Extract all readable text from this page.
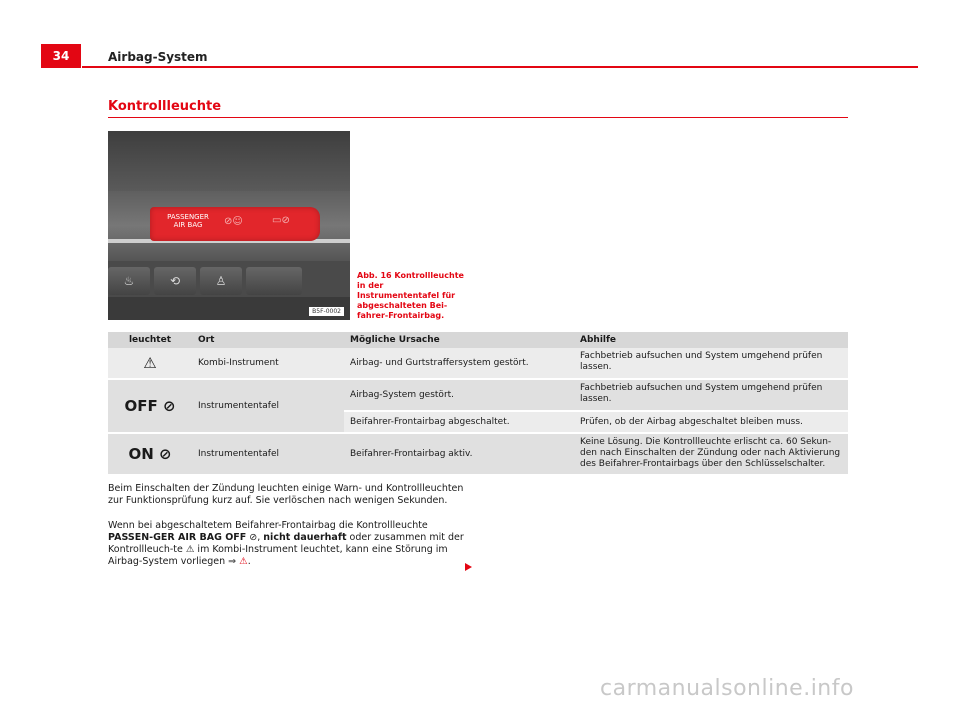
34	Airbag-System
Kontrollleuchte
PASSENGER
AIR BAG	⊘☺	▭⊘
♨	⟲	♙
B5F-0002
Abb. 16 Kontrollleuchte in der Instrumententafel für abgeschalteten Bei-fahrer-Frontairbag.
leuchtet	Ort	Mögliche Ursache	Abhilfe
⚠	Kombi-Instrument	Airbag- und Gurtstraffersystem gestört.	Fachbetrieb aufsuchen und System umgehend prüfen lassen.
OFF ⊘	Instrumententafel	Airbag-System gestört.	Fachbetrieb aufsuchen und System umgehend prüfen lassen.
		Beifahrer-Frontairbag abgeschaltet.	Prüfen, ob der Airbag abgeschaltet bleiben muss.
ON ⊘	Instrumententafel	Beifahrer-Frontairbag aktiv.	Keine Lösung. Die Kontrollleuchte erlischt ca. 60 Sekun-den nach Einschalten der Zündung oder nach Aktivierung des Beifahrer-Frontairbags über den Schlüsselschalter.
Beim Einschalten der Zündung leuchten einige Warn- und Kontrollleuchten zur Funktionsprüfung kurz auf. Sie verlöschen nach wenigen Sekunden.
Wenn bei abgeschaltetem Beifahrer-Frontairbag die Kontrollleuchte PASSEN-GER AIR BAG OFF ⊘, nicht dauerhaft oder zusammen mit der Kontrollleuch-te ⚠ im Kombi-Instrument leuchtet, kann eine Störung im Airbag-System vorliegen ⇒ ⚠.
carmanualsonline.info
